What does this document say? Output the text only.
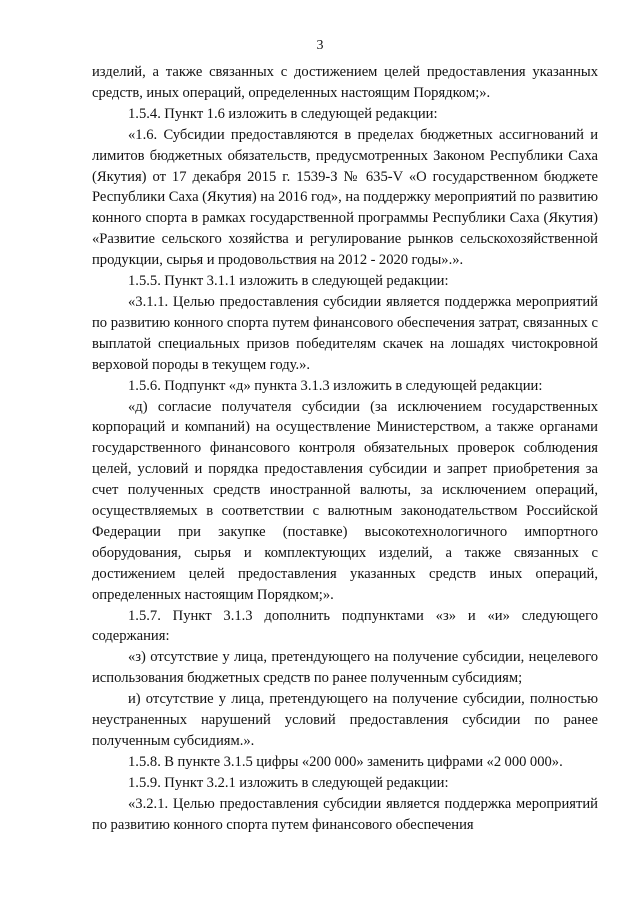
3

изделий, а также связанных с достижением целей предоставления указанных средств, иных операций, определенных настоящим Порядком;».

1.5.4. Пункт 1.6 изложить в следующей редакции:

«1.6. Субсидии предоставляются в пределах бюджетных ассигнований и лимитов бюджетных обязательств, предусмотренных Законом Республики Саха (Якутия) от 17 декабря 2015 г. 1539-З № 635-V «О государственном бюджете Республики Саха (Якутия) на 2016 год», на поддержку мероприятий по развитию конного спорта в рамках государственной программы Республики Саха (Якутия) «Развитие сельского хозяйства и регулирование рынков сельскохозяйственной продукции, сырья и продовольствия на 2012 - 2020 годы».».

1.5.5. Пункт 3.1.1 изложить в следующей редакции:

«3.1.1. Целью предоставления субсидии является поддержка мероприятий по развитию конного спорта путем финансового обеспечения затрат, связанных с выплатой специальных призов победителям скачек на лошадях чистокровной верховой породы в текущем году.».

1.5.6. Подпункт «д» пункта 3.1.3 изложить в следующей редакции:

«д) согласие получателя субсидии (за исключением государственных корпораций и компаний) на осуществление Министерством, а также органами государственного финансового контроля обязательных проверок соблюдения целей, условий и порядка предоставления субсидии и запрет приобретения за счет полученных средств иностранной валюты, за исключением операций, осуществляемых в соответствии с валютным законодательством Российской Федерации при закупке (поставке) высокотехнологичного импортного оборудования, сырья и комплектующих изделий, а также связанных с достижением целей предоставления указанных средств иных операций, определенных настоящим Порядком;».

1.5.7. Пункт 3.1.3 дополнить подпунктами «з» и «и» следующего содержания:

«з) отсутствие у лица, претендующего на получение субсидии, нецелевого использования бюджетных средств по ранее полученным субсидиям;

и) отсутствие у лица, претендующего на получение субсидии, полностью неустраненных нарушений условий предоставления субсидии по ранее полученным субсидиям.».

1.5.8. В пункте 3.1.5 цифры «200 000» заменить цифрами «2 000 000».

1.5.9. Пункт 3.2.1 изложить в следующей редакции:

«3.2.1. Целью предоставления субсидии является поддержка мероприятий по развитию конного спорта путем финансового обеспечения
